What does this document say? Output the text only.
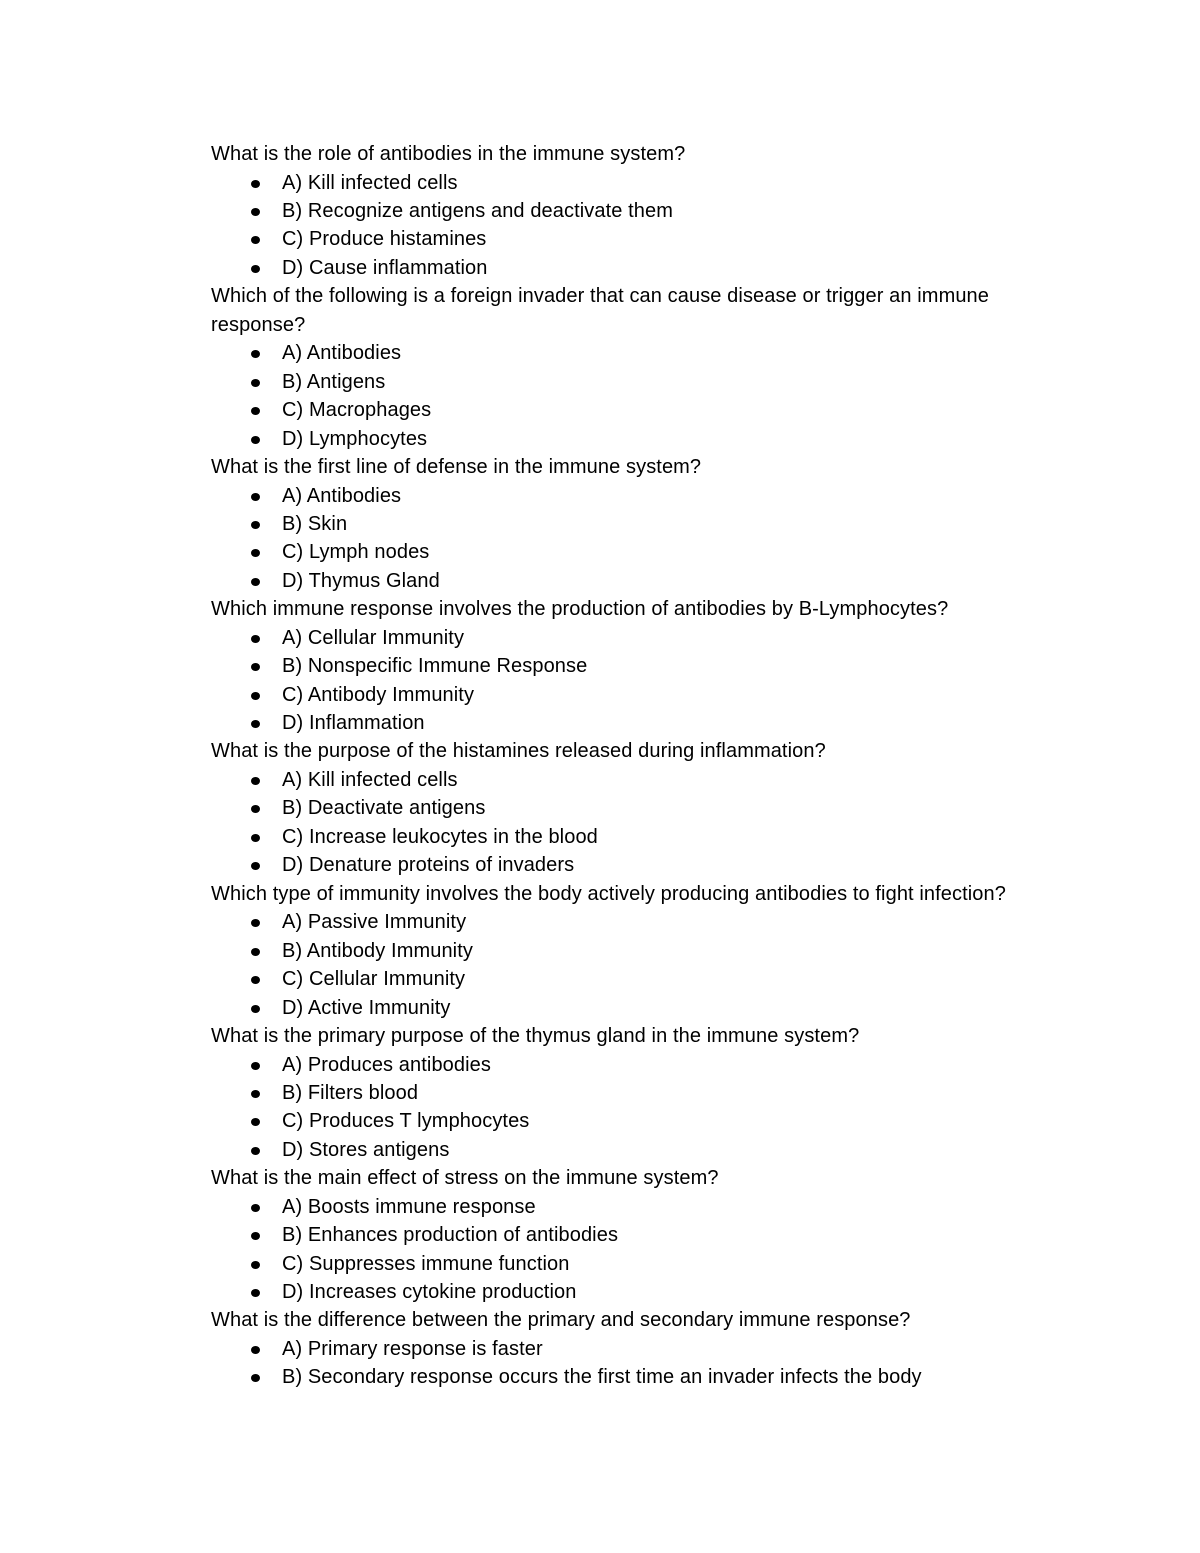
What is the role of antibodies in the immune system?

A) Kill infected cells
B) Recognize antigens and deactivate them
C) Produce histamines
D) Cause inflammation

Which of the following is a foreign invader that can cause disease or trigger an immune response?

A) Antibodies
B) Antigens
C) Macrophages
D) Lymphocytes

What is the first line of defense in the immune system?

A) Antibodies
B) Skin
C) Lymph nodes
D) Thymus Gland

Which immune response involves the production of antibodies by B-Lymphocytes?

A) Cellular Immunity
B) Nonspecific Immune Response
C) Antibody Immunity
D) Inflammation

What is the purpose of the histamines released during inflammation?

A) Kill infected cells
B) Deactivate antigens
C) Increase leukocytes in the blood
D) Denature proteins of invaders

Which type of immunity involves the body actively producing antibodies to fight infection?

A) Passive Immunity
B) Antibody Immunity
C) Cellular Immunity
D) Active Immunity

What is the primary purpose of the thymus gland in the immune system?

A) Produces antibodies
B) Filters blood
C) Produces T lymphocytes
D) Stores antigens

What is the main effect of stress on the immune system?

A) Boosts immune response
B) Enhances production of antibodies
C) Suppresses immune function
D) Increases cytokine production

What is the difference between the primary and secondary immune response?

A) Primary response is faster
B) Secondary response occurs the first time an invader infects the body
